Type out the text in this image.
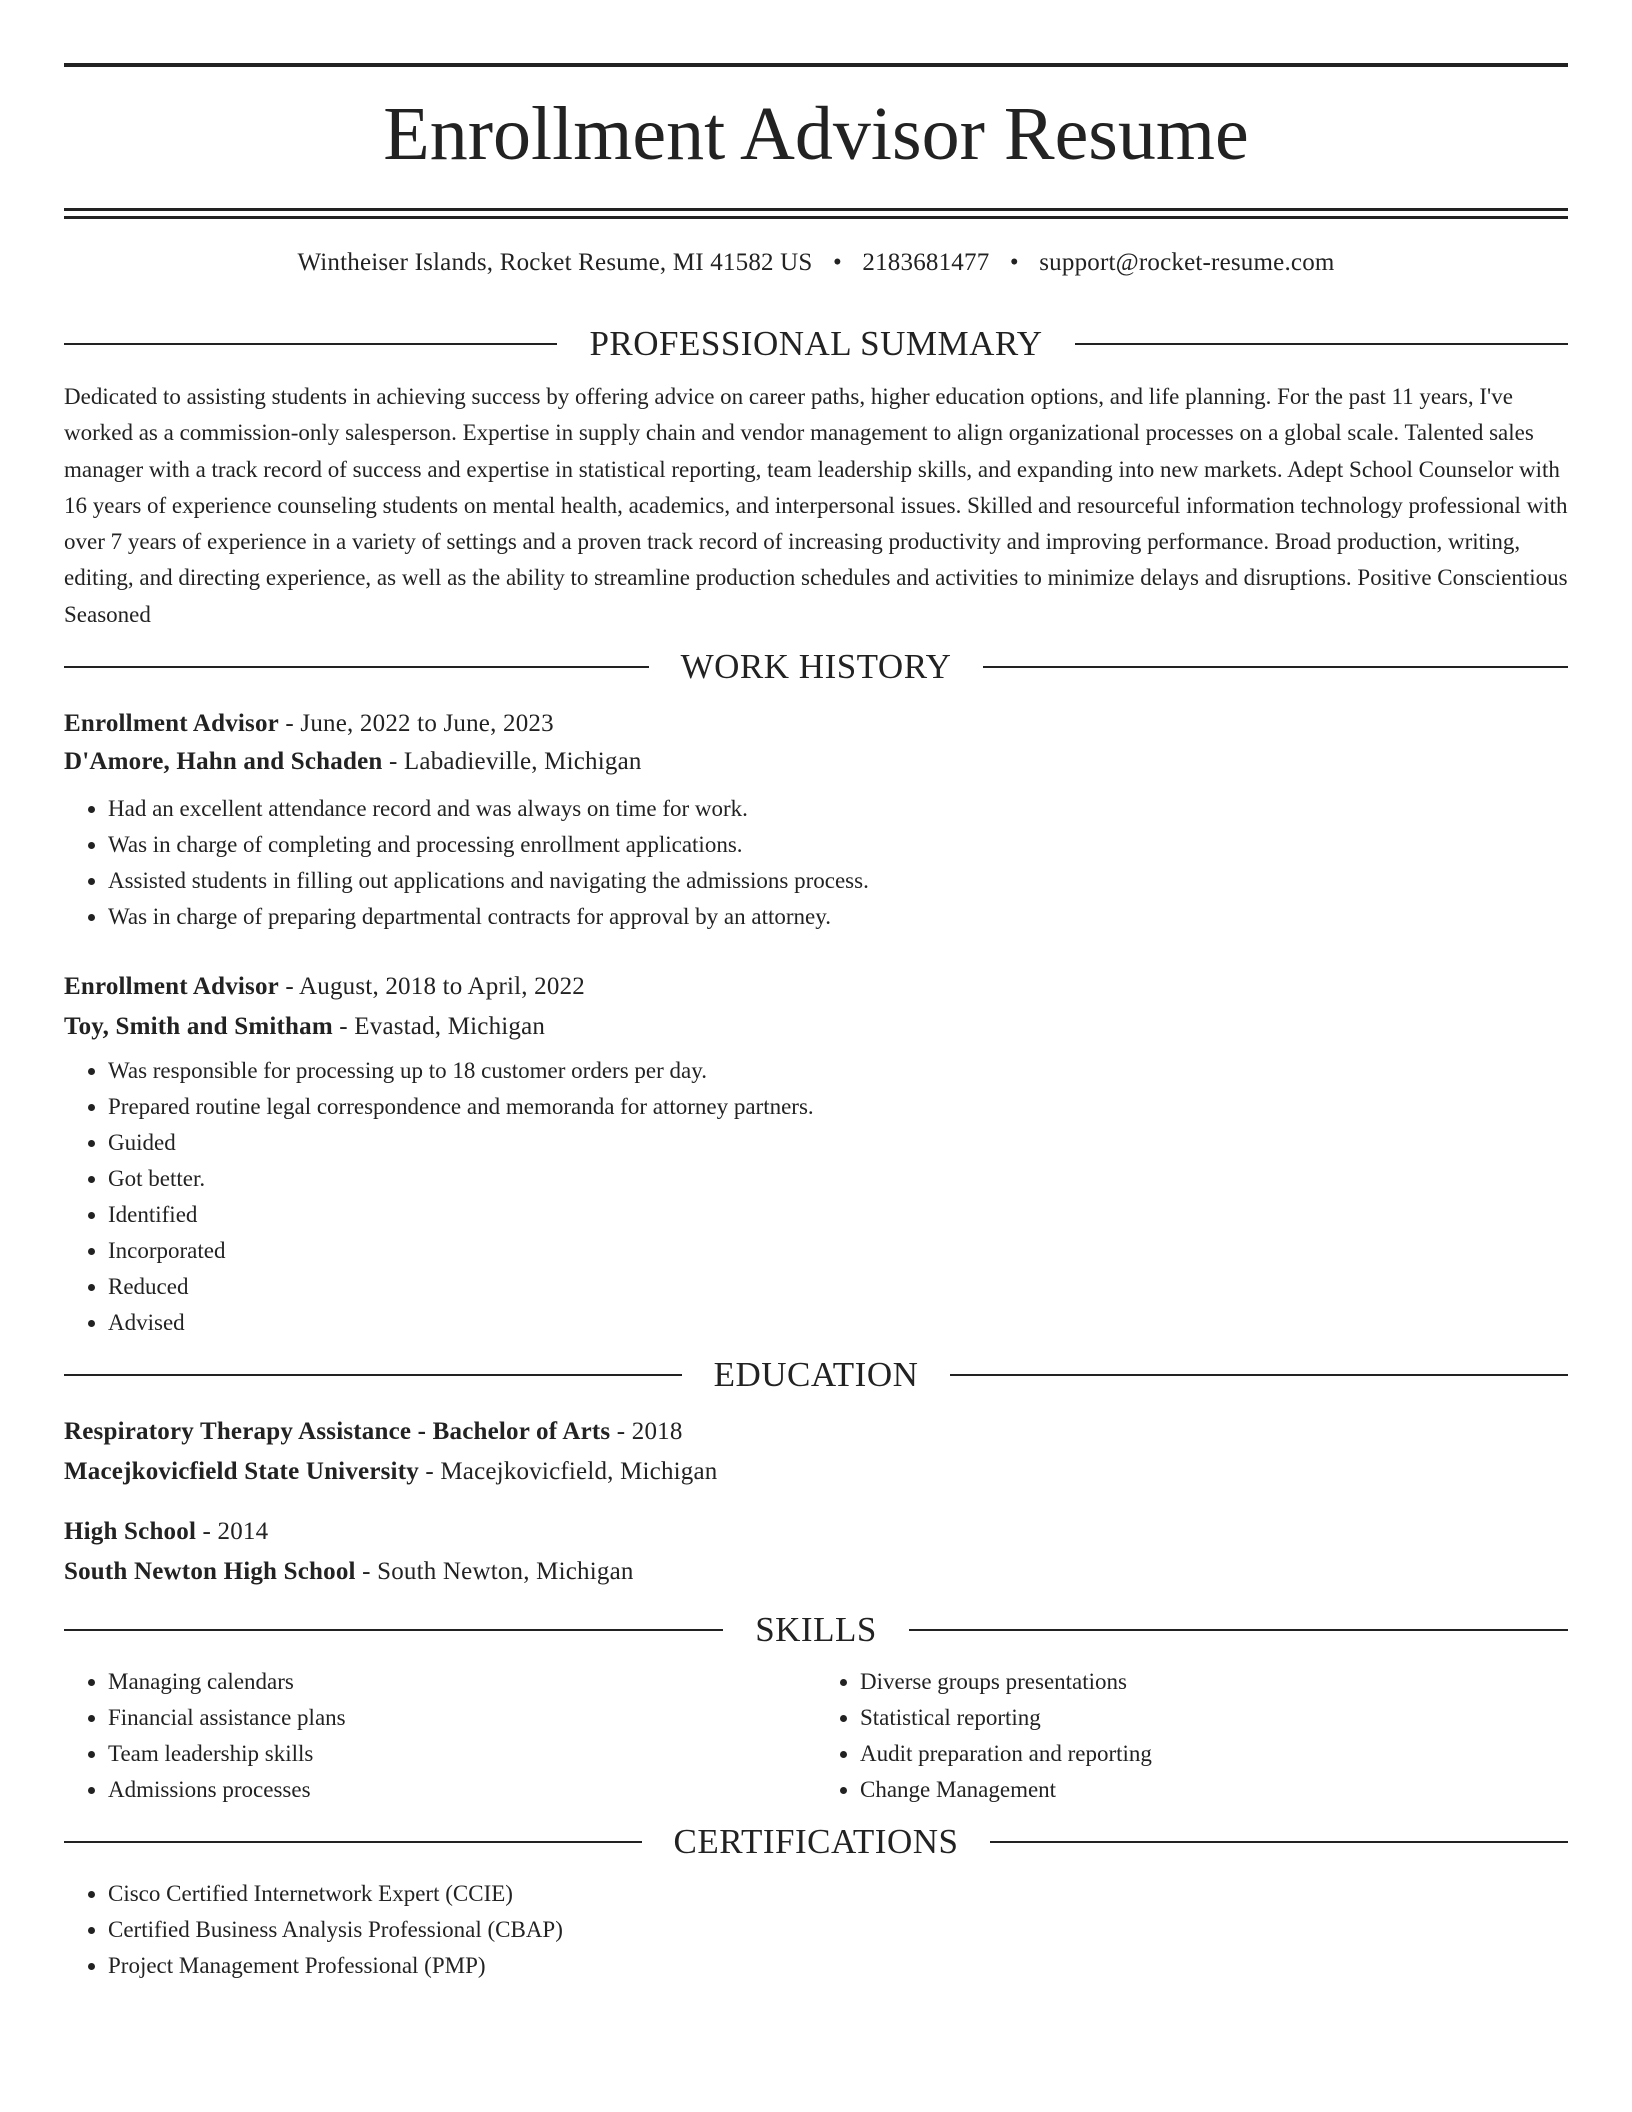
Enrollment Advisor Resume
Wintheiser Islands, Rocket Resume, MI 41582 US • 2183681477 • support@rocket-resume.com
PROFESSIONAL SUMMARY

Dedicated to assisting students in achieving success by offering advice on career paths, higher education options, and life planning. For the past 11 years, I've worked as a commission-only salesperson. Expertise in supply chain and vendor management to align organizational processes on a global scale. Talented sales manager with a track record of success and expertise in statistical reporting, team leadership skills, and expanding into new markets. Adept School Counselor with 16 years of experience counseling students on mental health, academics, and interpersonal issues. Skilled and resourceful information technology professional with over 7 years of experience in a variety of settings and a proven track record of increasing productivity and improving performance. Broad production, writing, editing, and directing experience, as well as the ability to streamline production schedules and activities to minimize delays and disruptions. Positive Conscientious Seasoned

WORK HISTORY
Enrollment Advisor - June, 2022 to June, 2023
D'Amore, Hahn and Schaden - Labadieville, Michigan
• Had an excellent attendance record and was always on time for work.
• Was in charge of completing and processing enrollment applications.
• Assisted students in filling out applications and navigating the admissions process.
• Was in charge of preparing departmental contracts for approval by an attorney.
Enrollment Advisor - August, 2018 to April, 2022
Toy, Smith and Smitham - Evastad, Michigan
• Was responsible for processing up to 18 customer orders per day.
• Prepared routine legal correspondence and memoranda for attorney partners.
• Guided
• Got better.
• Identified
• Incorporated
• Reduced
• Advised
EDUCATION
Respiratory Therapy Assistance - Bachelor of Arts - 2018
Macejkovicfield State University - Macejkovicfield, Michigan
High School - 2014
South Newton High School - South Newton, Michigan
SKILLS
• Managing calendars
• Financial assistance plans
• Team leadership skills
• Admissions processes
• Diverse groups presentations
• Statistical reporting
• Audit preparation and reporting
• Change Management
CERTIFICATIONS
• Cisco Certified Internetwork Expert (CCIE)
• Certified Business Analysis Professional (CBAP)
• Project Management Professional (PMP)
